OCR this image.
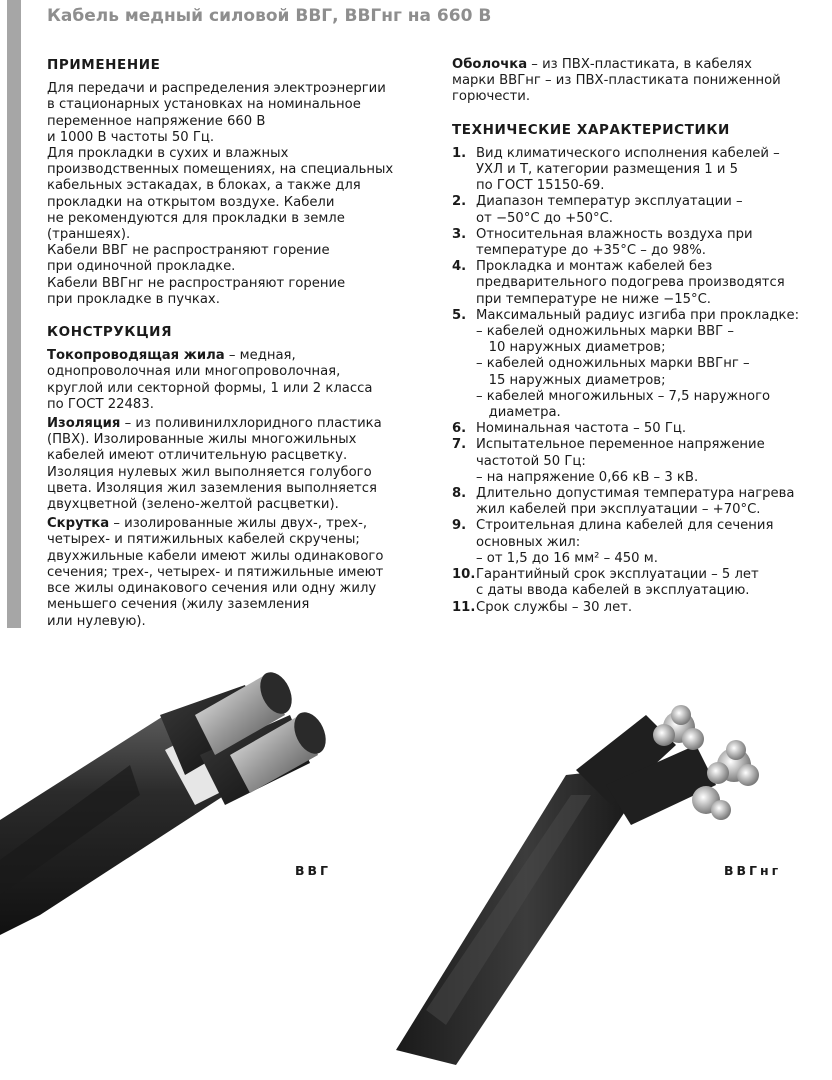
Кабель медный силовой ВВГ, ВВГнг на 660 В
ПРИМЕНЕНИЕ
Для передачи и распределения электроэнергии
в стационарных установках на номинальное
переменное напряжение 660 В
и 1000 В частоты 50 Гц.
Для прокладки в сухих и влажных
производственных помещениях, на специальных
кабельных эстакадах, в блоках, а также для
прокладки на открытом воздухе. Кабели
не рекомендуются для прокладки в земле
(траншеях).
Кабели ВВГ не распространяют горение
при одиночной прокладке.
Кабели ВВГнг не распространяют горение
при прокладке в пучках.
КОНСТРУКЦИЯ
Токопроводящая жила – медная,
однопроволочная или многопроволочная,
круглой или секторной формы, 1 или 2 класса
по ГОСТ 22483.
Изоляция – из поливинилхлоридного пластика
(ПВХ). Изолированные жилы многожильных
кабелей имеют отличительную расцветку.
Изоляция нулевых жил выполняется голубого
цвета. Изоляция жил заземления выполняется
двухцветной (зелено-желтой расцветки).
Скрутка – изолированные жилы двух-, трех-,
четырех- и пятижильных кабелей скручены;
двухжильные кабели имеют жилы одинакового
сечения; трех-, четырех- и пятижильные имеют
все жилы одинакового сечения или одну жилу
меньшего сечения (жилу заземления
или нулевую).
Оболочка – из ПВХ-пластиката, в кабелях
марки ВВГнг – из ПВХ-пластиката пониженной
горючести.
ТЕХНИЧЕСКИЕ ХАРАКТЕРИСТИКИ
1. Вид климатического исполнения кабелей –
УХЛ и Т, категории размещения 1 и 5
по ГОСТ 15150-69.
2. Диапазон температур эксплуатации –
от −50°С до +50°С.
3. Относительная влажность воздуха при
температуре до +35°С – до 98%.
4. Прокладка и монтаж кабелей без
предварительного подогрева производятся
при температуре не ниже −15°С.
5. Максимальный радиус изгиба при прокладке:
– кабелей одножильных марки ВВГ –
10 наружных диаметров;
– кабелей одножильных марки ВВГнг –
15 наружных диаметров;
– кабелей многожильных – 7,5 наружного
диаметра.
6. Номинальная частота – 50 Гц.
7. Испытательное переменное напряжение
частотой 50 Гц:
– на напряжение 0,66 кВ – 3 кВ.
8. Длительно допустимая температура нагрева
жил кабелей при эксплуатации – +70°С.
9. Строительная длина кабелей для сечения
основных жил:
– от 1,5 до 16 мм² – 450 м.
10.Гарантийный срок эксплуатации – 5 лет
с даты ввода кабелей в эксплуатацию.
11.Срок службы – 30 лет.
ВВГ	ВВГнг
